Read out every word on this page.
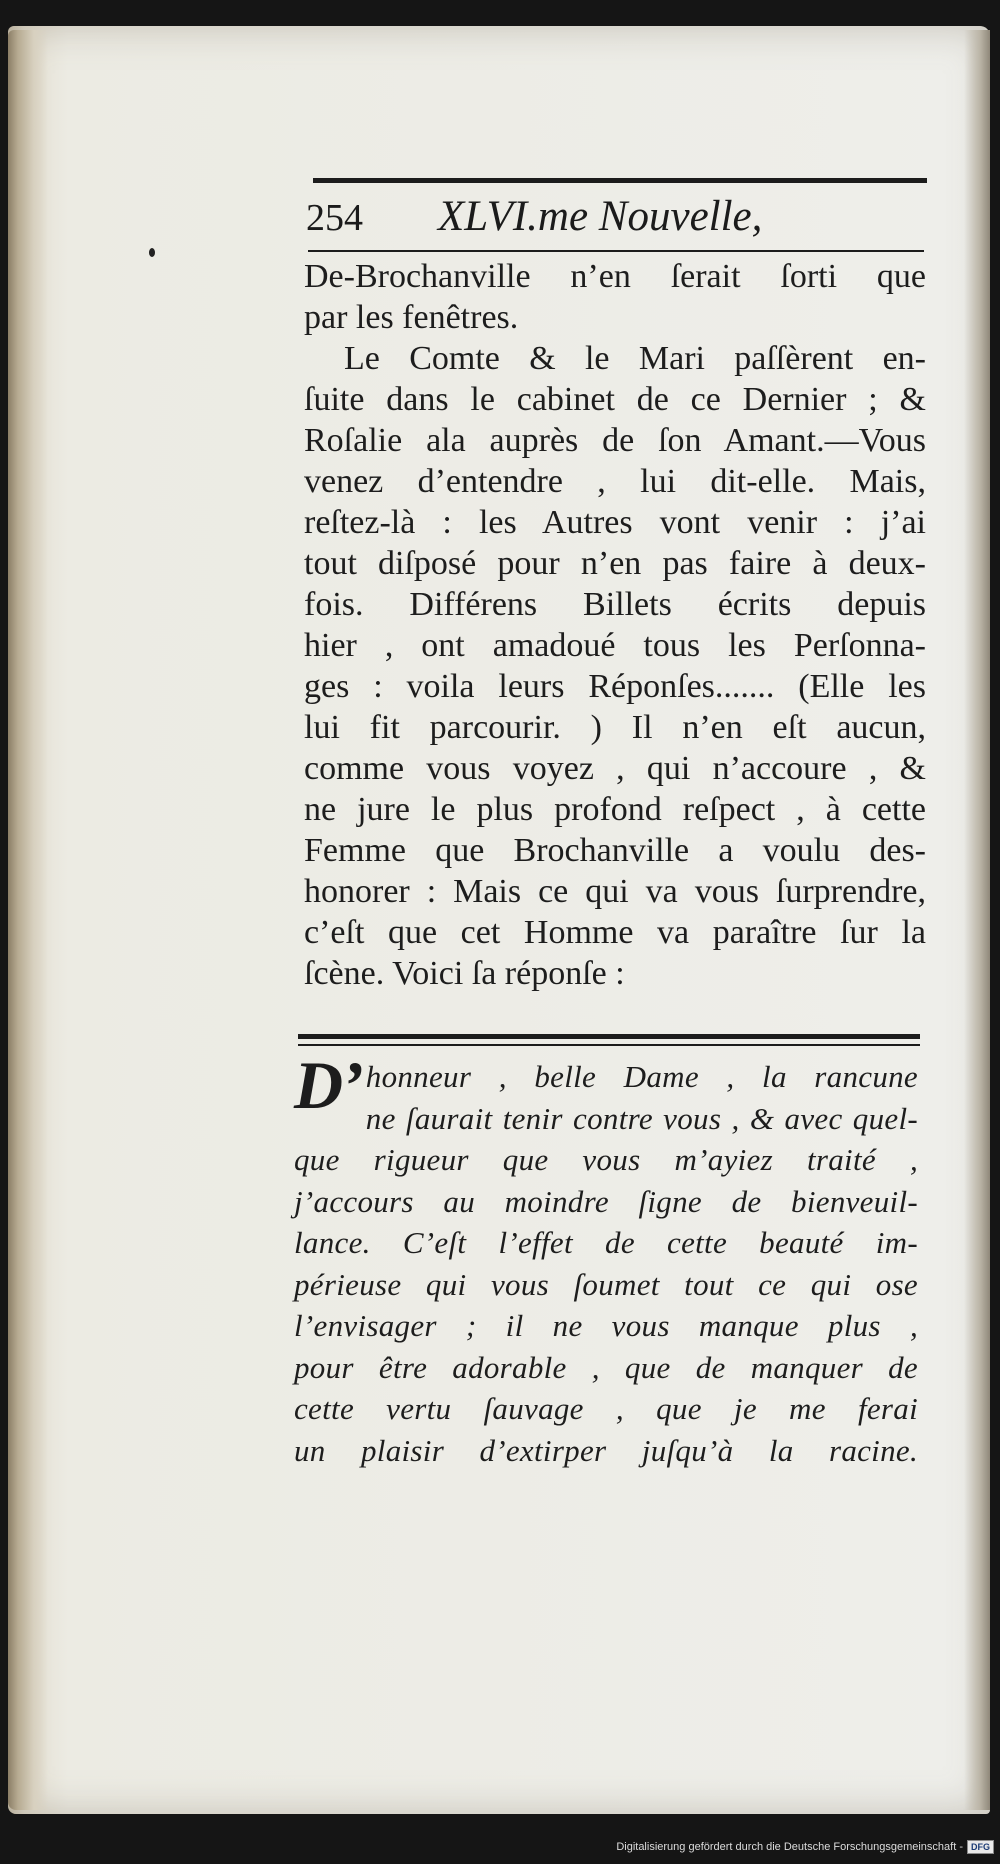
254 XLVI.me Nouvelle,
De-Brochanville n’en ſerait ſorti que
par les fenêtres.
Le Comte & le Mari paſſèrent en-
ſuite dans le cabinet de ce Dernier ; &
Roſalie ala auprès de ſon Amant.—Vous
venez d’entendre , lui dit-elle. Mais,
reſtez-là : les Autres vont venir : j’ai
tout diſposé pour n’en pas faire à deux-
fois. Différens Billets écrits depuis
hier , ont amadoué tous les Perſonna-
ges : voila leurs Réponſes....... (Elle les
lui fit parcourir. ) Il n’en eſt aucun,
comme vous voyez , qui n’accoure , &
ne jure le plus profond reſpect , à cette
Femme que Brochanville a voulu des-
honorer : Mais ce qui va vous ſurprendre,
c’eſt que cet Homme va paraître ſur la
ſcène. Voici ſa réponſe :
D’ honneur , belle Dame , la rancune
ne ſaurait tenir contre vous , & avec quel-
que rigueur que vous m’ayiez traité ,
j’accours au moindre ſigne de bienveuil-
lance. C’eſt l’effet de cette beauté im-
périeuse qui vous ſoumet tout ce qui ose
l’envisager ; il ne vous manque plus ,
pour être adorable , que de manquer de
cette vertu ſauvage , que je me ferai
un plaisir d’extirper juſqu’à la racine.
Digitalisierung gefördert durch die Deutsche Forschungsgemeinschaft - DFG
